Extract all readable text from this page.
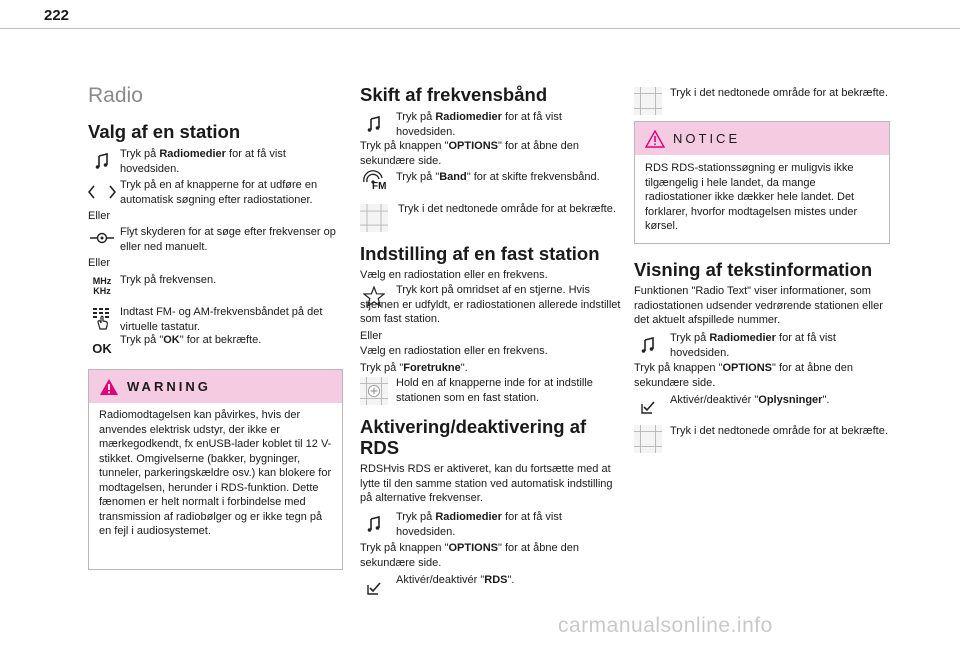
222
Radio
Valg af en station
Tryk på Radiomedier for at få vist hovedsiden.
Tryk på en af knapperne for at udføre en automatisk søgning efter radiostationer.
Eller
Flyt skyderen for at søge efter frekvenser op eller ned manuelt.
Eller
MHz
KHz
Tryk på frekvensen.
Indtast FM- og AM-frekvensbåndet på det virtuelle tastatur.
OK
Tryk på "OK" for at bekræfte.
WARNING
Radiomodtagelsen kan påvirkes, hvis der anvendes elektrisk udstyr, der ikke er mærkegodkendt, fx enUSB-lader koblet til 12 V-stikket. Omgivelserne (bakker, bygninger, tunneler, parkeringskældre osv.) kan blokere for modtagelsen, herunder i RDS-funktion. Dette fænomen er helt normalt i forbindelse med transmission af radiobølger og er ikke tegn på en fejl i audiosystemet.
Skift af frekvensbånd
Tryk på Radiomedier for at få vist hovedsiden.
Tryk på knappen "OPTIONS" for at åbne den sekundære side.
FM
Tryk på "Band" for at skifte frekvensbånd.
Tryk i det nedtonede område for at bekræfte.
Indstilling af en fast station
Vælg en radiostation eller en frekvens.
Tryk kort på omridset af en stjerne. Hvis stjernen er udfyldt, er radiostationen allerede indstillet som fast station.
Eller
Vælg en radiostation eller en frekvens.
Tryk på "Foretrukne".
Hold en af knapperne inde for at indstille stationen som en fast station.
Aktivering/deaktivering af RDS
RDSHvis RDS er aktiveret, kan du fortsætte med at lytte til den samme station ved automatisk indstilling på alternative frekvenser.
Tryk på Radiomedier for at få vist hovedsiden.
Tryk på knappen "OPTIONS" for at åbne den sekundære side.
Aktivér/deaktivér "RDS".
Tryk i det nedtonede område for at bekræfte.
NOTICE
RDS RDS-stationssøgning er muligvis ikke tilgængelig i hele landet, da mange radiostationer ikke dækker hele landet. Det forklarer, hvorfor modtagelsen mistes under kørsel.
Visning af tekstinformation
Funktionen "Radio Text" viser informationer, som radiostationen udsender vedrørende stationen eller det aktuelt afspillede nummer.
Tryk på Radiomedier for at få vist hovedsiden.
Tryk på knappen "OPTIONS" for at åbne den sekundære side.
Aktivér/deaktivér "Oplysninger".
Tryk i det nedtonede område for at bekræfte.
carmanualsonline.info
